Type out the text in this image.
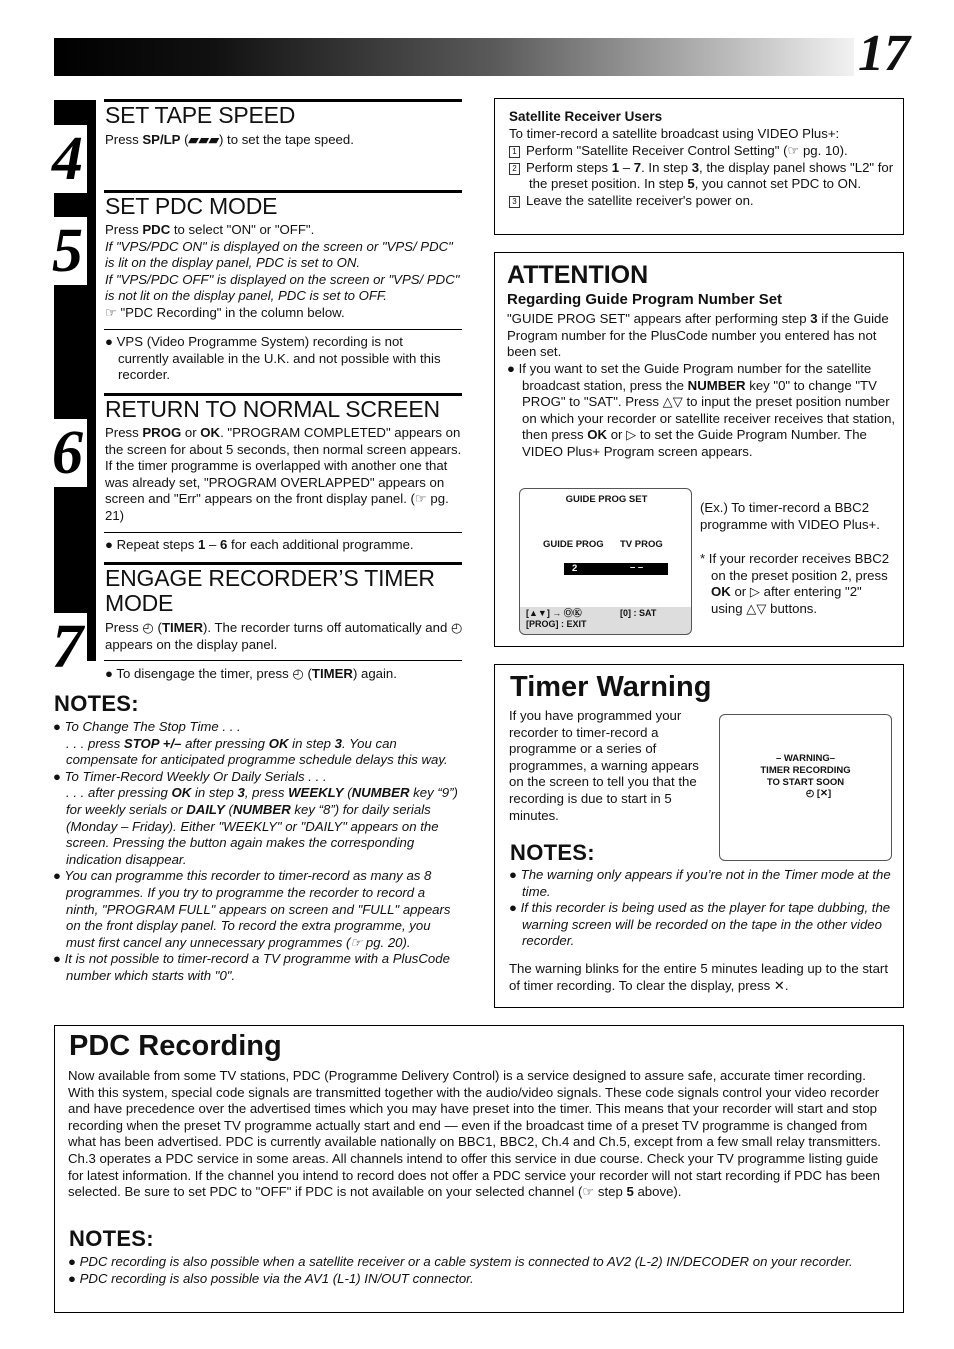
17
4
5
6
7
SET TAPE SPEED
Press SP/LP (▰▰▰) to set the tape speed.
SET PDC MODE
Press PDC to select "ON" or "OFF".
If "VPS/PDC ON" is displayed on the screen or "VPS/ PDC" is lit on the display panel, PDC is set to ON.
If "VPS/PDC OFF" is displayed on the screen or "VPS/ PDC" is not lit on the display panel, PDC is set to OFF.
☞ "PDC Recording" in the column below.
● VPS (Video Programme System) recording is not currently available in the U.K. and not possible with this recorder.
RETURN TO NORMAL SCREEN
Press PROG or OK. "PROGRAM COMPLETED" appears on the screen for about 5 seconds, then normal screen appears. If the timer programme is overlapped with another one that was already set, "PROGRAM OVERLAPPED" appears on screen and "Err" appears on the front display panel. (☞ pg. 21)
● Repeat steps 1 – 6 for each additional programme.
ENGAGE RECORDER’S TIMER MODE
Press ◴ (TIMER). The recorder turns off automatically and ◴ appears on the display panel.
● To disengage the timer, press ◴ (TIMER) again.
NOTES:
● To Change The Stop Time . . .
. . . press STOP +/– after pressing OK in step 3. You can compensate for anticipated programme schedule delays this way.
● To Timer-Record Weekly Or Daily Serials . . .
. . . after pressing OK in step 3, press WEEKLY (NUMBER key “9”) for weekly serials or DAILY (NUMBER key “8”) for daily serials (Monday – Friday). Either "WEEKLY" or "DAILY" appears on the screen. Pressing the button again makes the corresponding indication disappear.
● You can programme this recorder to timer-record as many as 8 programmes. If you try to programme the recorder to record a ninth, "PROGRAM FULL" appears on screen and "FULL" appears on the front display panel. To record the extra programme, you must first cancel any unnecessary programmes (☞ pg. 20).
● It is not possible to timer-record a TV programme with a PlusCode number which starts with "0".
Satellite Receiver Users
To timer-record a satellite broadcast using VIDEO Plus+:
1 Perform "Satellite Receiver Control Setting" (☞ pg. 10).
2 Perform steps 1 – 7. In step 3, the display panel shows "L2" for the preset position. In step 5, you cannot set PDC to ON.
3 Leave the satellite receiver's power on.
ATTENTION
Regarding Guide Program Number Set
"GUIDE PROG SET" appears after performing step 3 if the Guide Program number for the PlusCode number you entered has not been set.
● If you want to set the Guide Program number for the satellite broadcast station, press the NUMBER key "0" to change "TV PROG" to "SAT". Press △▽ to input the preset position number on which your recorder or satellite receiver receives that station, then press OK or ▷ to set the Guide Program Number. The VIDEO Plus+ Program screen appears.
(Ex.) To timer-record a BBC2 programme with VIDEO Plus+.
* If your recorder receives BBC2 on the preset position 2, press OK or ▷ after entering "2" using △▽ buttons.
GUIDE PROG SET
GUIDE PROG TV PROG
2	– –
[▲▼] → ⓄⓀ
[PROG] : EXIT
[0] : SAT
Timer Warning
If you have programmed your recorder to timer-record a programme or a series of programmes, a warning appears on the screen to tell you that the recording is due to start in 5 minutes.
NOTES:
● The warning only appears if you’re not in the Timer mode at the time.
● If this recorder is being used as the player for tape dubbing, the warning screen will be recorded on the tape in the other video recorder.
The warning blinks for the entire 5 minutes leading up to the start of timer recording. To clear the display, press ✕.
– WARNING–
TIMER RECORDING
TO START SOON
◴ [✕]
PDC Recording
Now available from some TV stations, PDC (Programme Delivery Control) is a service designed to assure safe, accurate timer recording. With this system, special code signals are transmitted together with the audio/video signals. These code signals control your video recorder and have precedence over the advertised times which you may have preset into the timer. This means that your recorder will start and stop recording when the preset TV programme actually start and end — even if the broadcast time of a preset TV programme is changed from what has been advertised. PDC is currently available nationally on BBC1, BBC2, Ch.4 and Ch.5, except from a few small relay transmitters. Ch.3 operates a PDC service in some areas. All channels intend to offer this service in due course. Check your TV programme listing guide for latest information. If the channel you intend to record does not offer a PDC service your recorder will not start recording if PDC has been selected. Be sure to set PDC to "OFF" if PDC is not available on your selected channel (☞ step 5 above).
NOTES:
● PDC recording is also possible when a satellite receiver or a cable system is connected to AV2 (L-2) IN/DECODER on your recorder.
● PDC recording is also possible via the AV1 (L-1) IN/OUT connector.
